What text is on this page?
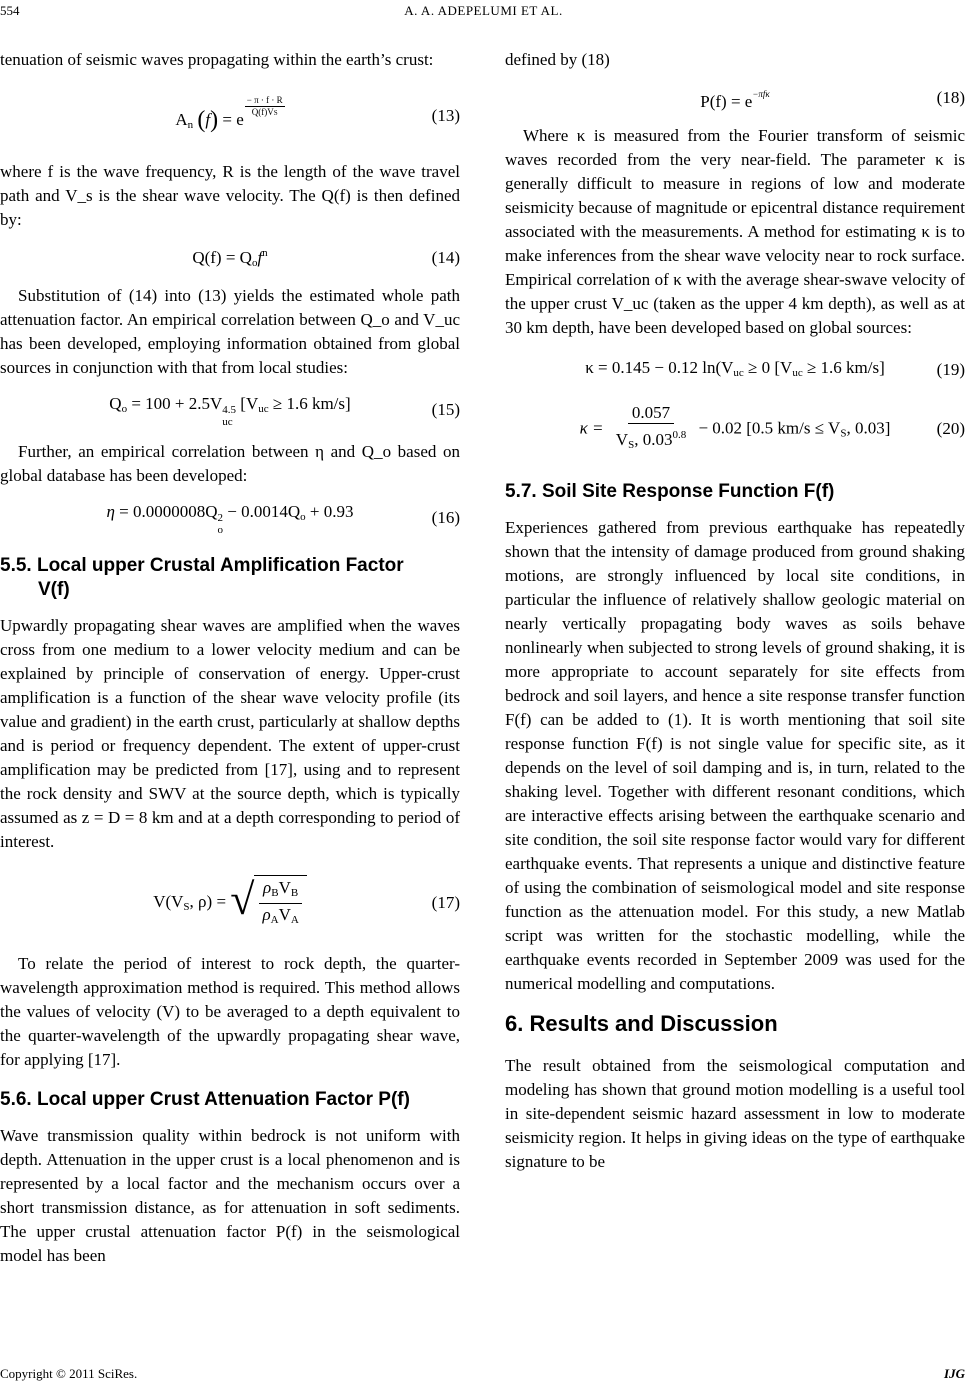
554	A. A. ADEPELUMI ET AL.

tenuation of seismic waves propagating within the earth’s crust:

$A_n$ (f) = e
$\frac{- \pi \cdot f \cdot R}{Q(f)VS}$	(13)

where f is the wave frequency, R is the length of the wave travel path and V_s is the shear wave velocity. The Q(f) is then defined by:

$Q(f) = Q_of^n$	(14)

Substitution of (14) into (13) yields the estimated whole path attenuation factor. An empirical correlation between Q_o and V_uc has been developed, employing information obtained from global sources in conjunction with that from local studies:

$Q_o = 100 + 2.5V$ 4.5
uc
[$V_{uc} \ge 1.6$ km/s]	(15)

Further, an empirical correlation between η and Q_o based on global database has been developed:

η = 0.0000008Q 2
o
− $0.0014Q_o + 0.93$	(16)
5.5. Local upper Crustal Amplification Factor
V(f)

Upwardly propagating shear waves are amplified when the waves cross from one medium to a lower velocity medium and can be explained by principle of conservation of energy. Upper-crust amplification is a function of the shear wave velocity profile (its value and gradient) in the earth crust, particularly at shallow depths and is period or frequency dependent. The extent of upper-crust amplification may be predicted from [17], using and to represent the rock density and SWV at the source depth, which is typically assumed as z = D = 8 km and at a depth corresponding to period of interest.

$V(V_S$, ρ) = √ $\frac{\rho_BV_B}{\rho_AV_A}$	(17)

To relate the period of interest to rock depth, the quarter-wavelength approximation method is required. This method allows the values of velocity (V) to be averaged to a depth equivalent to the quarter-wavelength of the upwardly propagating shear wave, for applying [17].

5.6. Local upper Crust Attenuation Factor P(f)

Wave transmission quality within bedrock is not uniform with depth. Attenuation in the upper crust is a local phenomenon and is represented by a local factor and the mechanism occurs over a short transmission distance, as for attenuation in soft sediments. The upper crustal attenuation factor P(f) in the seismological model has been

defined by (18)

$P(f) = e^{-\pi f\kappa}$	(18)

Where κ is measured from the Fourier transform of seismic waves recorded from the very near-field. The parameter κ is generally difficult to measure in regions of low and moderate seismicity because of magnitude or epicentral distance requirement associated with the measurements. A method for estimating κ is to make inferences from the shear wave velocity near to rock surface. Empirical correlation of κ with the average shear-swave velocity of the upper crust V_uc (taken as the upper 4 km depth), as well as at 30 km depth, have been developed based on global sources:

κ = 0.145 − 0.12 $\ln(V_{uc} \ge 0$ [$V_{uc} \ge 1.6$ km/s]	(19)
$\kappa = \frac{0.057}{V_S, 0.03^{0.8}} - 0.02$ [0.5 $km/s \le V_S$, 0.03]	(20)
5.7. Soil Site Response Function F(f)

Experiences gathered from previous earthquake has repeatedly shown that the intensity of damage produced from ground shaking motions, are strongly influenced by local site conditions, in particular the influence of relatively shallow geologic material on nearly vertically propagating body waves as soils behave nonlinearly when subjected to strong levels of ground shaking, it is more appropriate to account separately for site effects from bedrock and soil layers, and hence a site response transfer function F(f) can be added to (1). It is worth mentioning that soil site response function F(f) is not single value for specific site, as it depends on the level of soil damping and is, in turn, related to the shaking level. Together with different resonant conditions, which are interactive effects arising between the earthquake scenario and site condition, the soil site response factor would vary for different earthquake events. That represents a unique and distinctive feature of using the combination of seismological model and site response function as the attenuation model. For this study, a new Matlab script was written for the stochastic modelling, while the earthquake events recorded in September 2009 was used for the numerical modelling and computations.

6. Results and Discussion

The result obtained from the seismological computation and modeling has shown that ground motion modelling is a useful tool in site-dependent seismic hazard assessment in low to moderate seismicity region. It helps in giving ideas on the type of earthquake signature to be

Copyright © 2011 SciRes.	IJG
